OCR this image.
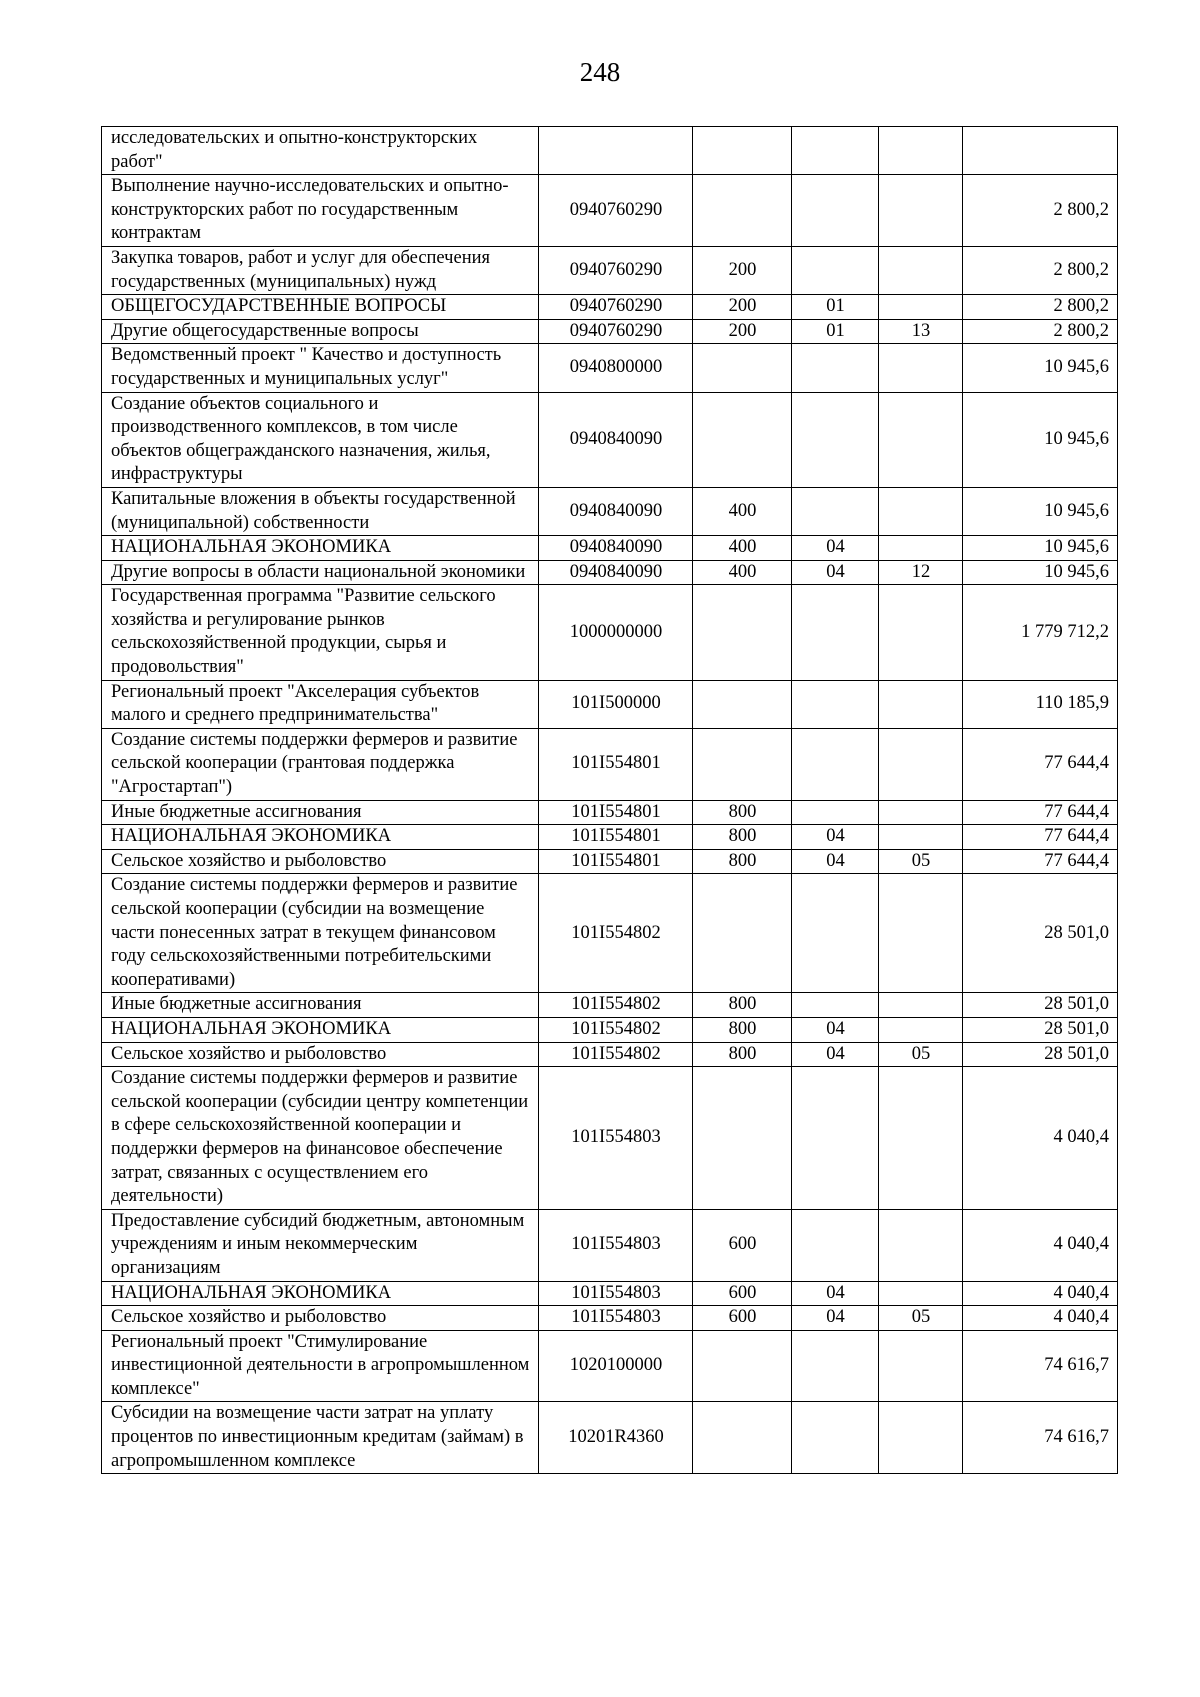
248
исследовательских и опытно-конструкторских работ"					
Выполнение научно-исследовательских и опытно-конструкторских работ по государственным контрактам	0940760290				2 800,2
Закупка товаров, работ и услуг для обеспечения государственных (муниципальных) нужд	0940760290	200			2 800,2
ОБЩЕГОСУДАРСТВЕННЫЕ ВОПРОСЫ	0940760290	200	01		2 800,2
Другие общегосударственные вопросы	0940760290	200	01	13	2 800,2
Ведомственный проект " Качество и доступность государственных и муниципальных услуг"	0940800000				10 945,6
Создание объектов социального и производственного комплексов, в том числе объектов общегражданского назначения, жилья, инфраструктуры	0940840090				10 945,6
Капитальные вложения в объекты государственной (муниципальной) собственности	0940840090	400			10 945,6
НАЦИОНАЛЬНАЯ ЭКОНОМИКА	0940840090	400	04		10 945,6
Другие вопросы в области национальной экономики	0940840090	400	04	12	10 945,6
Государственная программа "Развитие сельского хозяйства и регулирование рынков сельскохозяйственной продукции, сырья и продовольствия"	1000000000				1 779 712,2
Региональный проект "Акселерация субъектов малого и среднего предпринимательства"	101I500000				110 185,9
Создание системы поддержки фермеров и развитие сельской кооперации (грантовая поддержка "Агростартап")	101I554801				77 644,4
Иные бюджетные ассигнования	101I554801	800			77 644,4
НАЦИОНАЛЬНАЯ ЭКОНОМИКА	101I554801	800	04		77 644,4
Сельское хозяйство и рыболовство	101I554801	800	04	05	77 644,4
Создание системы поддержки фермеров и развитие сельской кооперации (субсидии на возмещение части понесенных затрат в текущем финансовом году сельскохозяйственными потребительскими кооперативами)	101I554802				28 501,0
Иные бюджетные ассигнования	101I554802	800			28 501,0
НАЦИОНАЛЬНАЯ ЭКОНОМИКА	101I554802	800	04		28 501,0
Сельское хозяйство и рыболовство	101I554802	800	04	05	28 501,0
Создание системы поддержки фермеров и развитие сельской кооперации (субсидии центру компетенции в сфере сельскохозяйственной кооперации и поддержки фермеров на финансовое обеспечение затрат, связанных с осуществлением его деятельности)	101I554803				4 040,4
Предоставление субсидий бюджетным, автономным учреждениям и иным некоммерческим организациям	101I554803	600			4 040,4
НАЦИОНАЛЬНАЯ ЭКОНОМИКА	101I554803	600	04		4 040,4
Сельское хозяйство и рыболовство	101I554803	600	04	05	4 040,4
Региональный проект "Стимулирование инвестиционной деятельности в агропромышленном комплексе"	1020100000				74 616,7
Субсидии на возмещение части затрат на уплату процентов по инвестиционным кредитам (займам) в агропромышленном комплексе	10201R4360				74 616,7
